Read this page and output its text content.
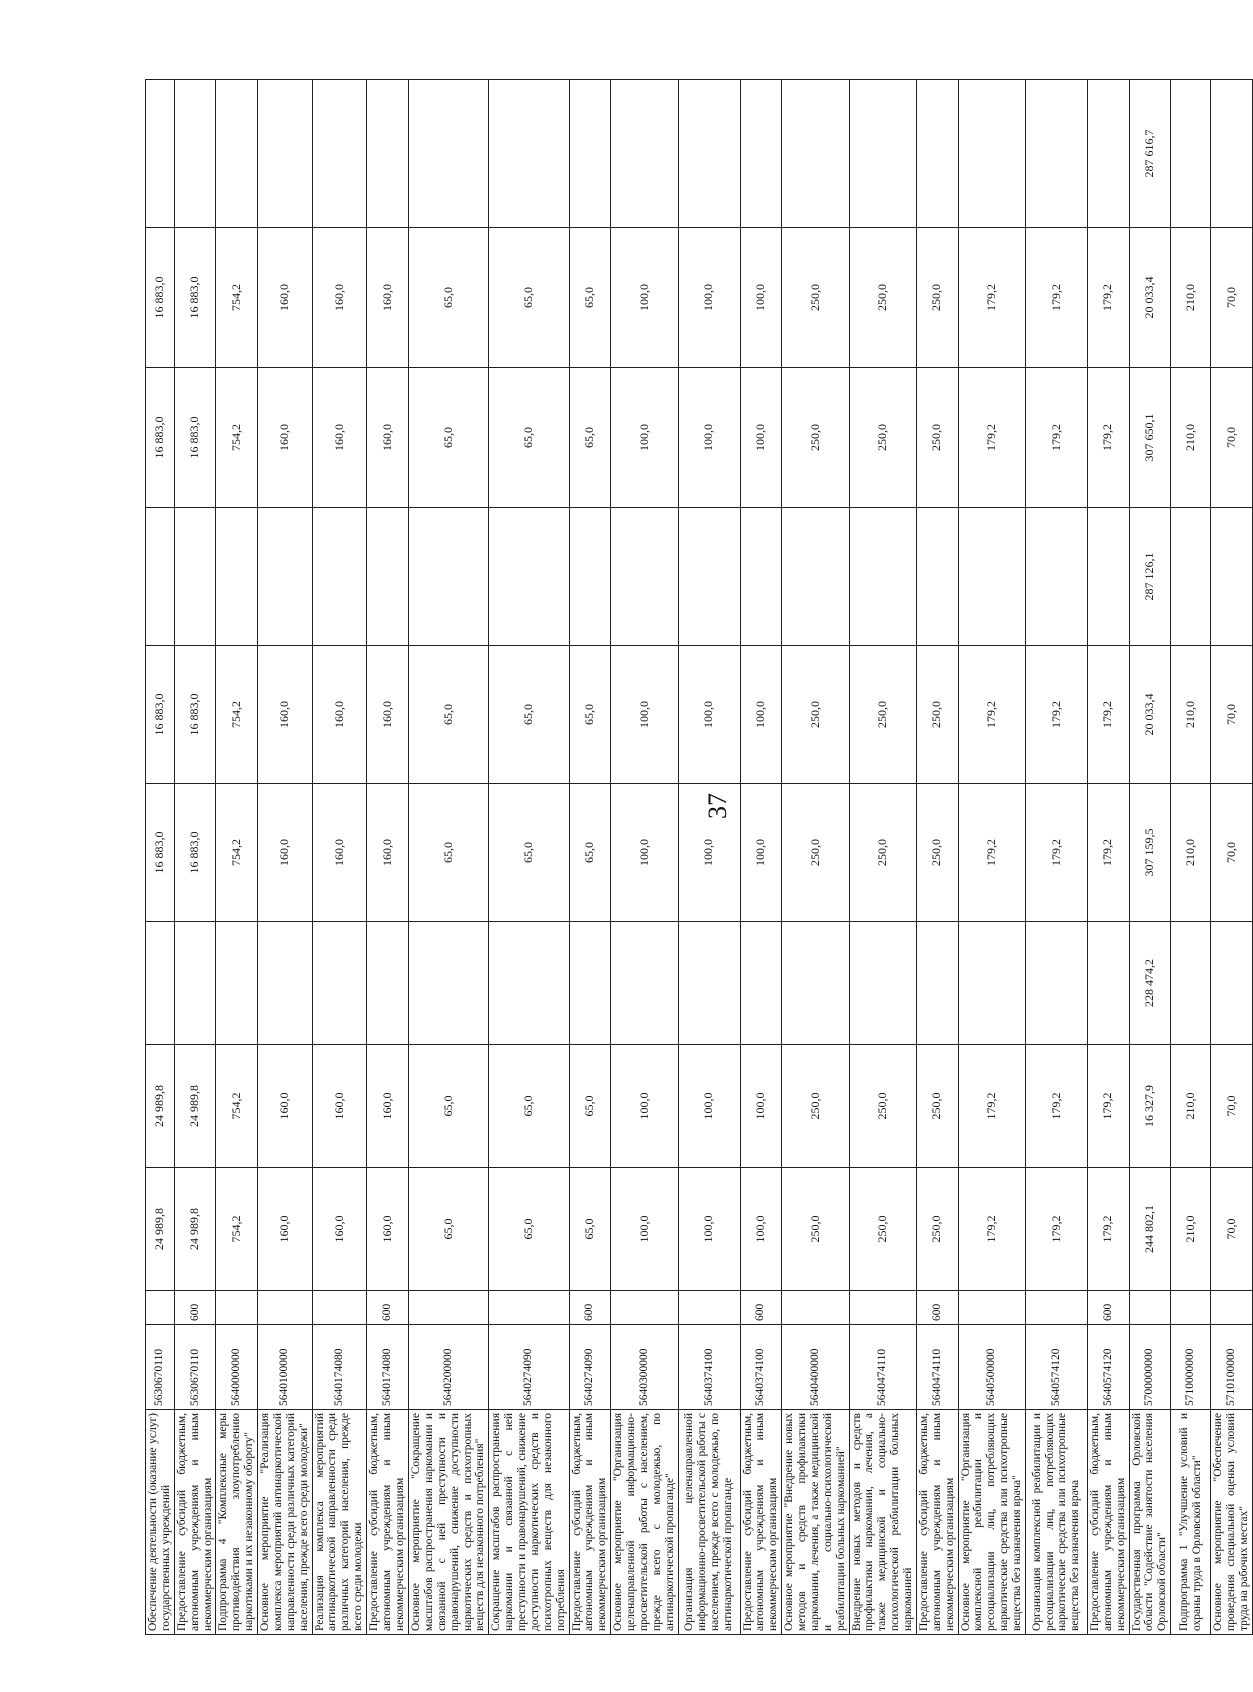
37
Обеспечение деятельности (оказание услуг) государственных учреждений	5630670110		24 989,8	24 989,8		16 883,0	16 883,0		16 883,0	16 883,0	
Предоставление субсидий бюджетным, автономным учреждениям и иным некоммерческим организациям	5630670110	600	24 989,8	24 989,8		16 883,0	16 883,0		16 883,0	16 883,0	
Подпрограмма 4 "Комплексные меры противодействия злоупотреблению наркотиками и их незаконному обороту"	5640000000		754,2	754,2		754,2	754,2		754,2	754,2	
Основное мероприятие "Реализация комплекса мероприятий антинаркотической направленности среди различных категорий населения, прежде всего среди молодежи"	5640100000		160,0	160,0		160,0	160,0		160,0	160,0	
Реализация комплекса мероприятий антинаркотической направленности среди различных категорий населения, прежде всего среди молодежи	5640174080		160,0	160,0		160,0	160,0		160,0	160,0	
Предоставление субсидий бюджетным, автономным учреждениям и иным некоммерческим организациям	5640174080	600	160,0	160,0		160,0	160,0		160,0	160,0	
Основное мероприятие "Сокращение масштабов распространения наркомании и связанной с ней преступности и правонарушений, снижение доступности наркотических средств и психотропных веществ для незаконного потребления"	5640200000		65,0	65,0		65,0	65,0		65,0	65,0	
Сокращение масштабов распространения наркомании и связанной с ней преступности и правонарушений, снижение доступности наркотических средств и психотропных веществ для незаконного потребления	5640274090		65,0	65,0		65,0	65,0		65,0	65,0	
Предоставление субсидий бюджетным, автономным учреждениям и иным некоммерческим организациям	5640274090	600	65,0	65,0		65,0	65,0		65,0	65,0	
Основное мероприятие "Организация целенаправленной информационно-просветительской работы с населением, прежде всего с молодежью, по антинаркотической пропаганде"	5640300000		100,0	100,0		100,0	100,0		100,0	100,0	
Организация целенаправленной информационно-просветительской работы с населением, прежде всего с молодежью, по антинаркотической пропаганде	5640374100		100,0	100,0		100,0	100,0		100,0	100,0	
Предоставление субсидий бюджетным, автономным учреждениям и иным некоммерческим организациям	5640374100	600	100,0	100,0		100,0	100,0		100,0	100,0	
Основное мероприятие "Внедрение новых методов и средств профилактики наркомании, лечения, а также медицинской и социально-психологической реабилитации больных наркоманией"	5640400000		250,0	250,0		250,0	250,0		250,0	250,0	
Внедрение новых методов и средств профилактики наркомании, лечения, а также медицинской и социально-психологической реабилитации больных наркоманией	5640474110		250,0	250,0		250,0	250,0		250,0	250,0	
Предоставление субсидий бюджетным, автономным учреждениям и иным некоммерческим организациям	5640474110	600	250,0	250,0		250,0	250,0		250,0	250,0	
Основное мероприятие "Организация комплексной реабилитации и ресоциализации лиц, потребляющих наркотические средства или психотропные вещества без назначения врача"	5640500000		179,2	179,2		179,2	179,2		179,2	179,2	
Организация комплексной реабилитации и ресоциализации лиц, потребляющих наркотические средства или психотропные вещества без назначения врача	5640574120		179,2	179,2		179,2	179,2		179,2	179,2	
Предоставление субсидий бюджетным, автономным учреждениям и иным некоммерческим организациям	5640574120	600	179,2	179,2		179,2	179,2		179,2	179,2	
Государственная программа Орловской области "Содействие занятости населения Орловской области"	5700000000		244 802,1	16 327,9	228 474,2	307 159,5	20 033,4	287 126,1	307 650,1	20 033,4	287 616,7
Подпрограмма 1 "Улучшение условий и охраны труда в Орловской области"	5710000000		210,0	210,0		210,0	210,0		210,0	210,0	
Основное мероприятие "Обеспечение проведения специальной оценки условий труда на рабочих местах"	5710100000		70,0	70,0		70,0	70,0		70,0	70,0	
